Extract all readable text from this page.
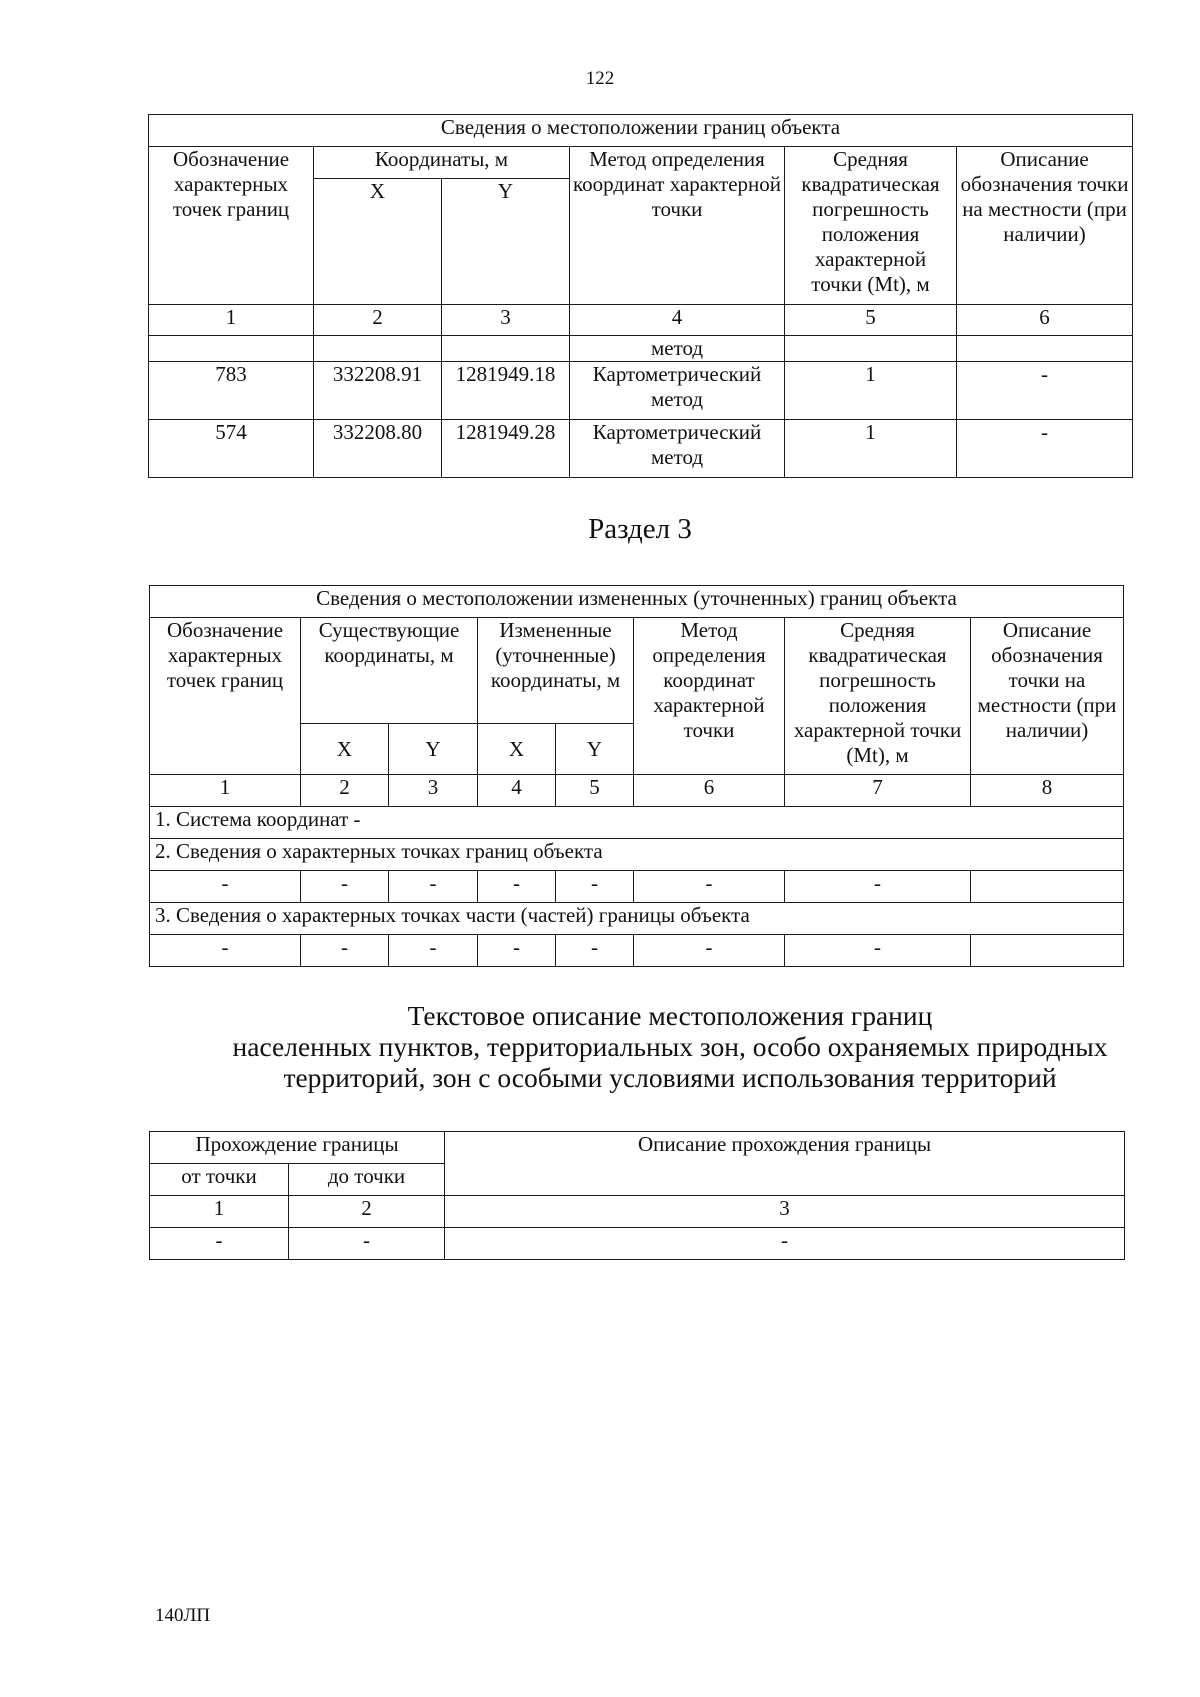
122
Сведения о местоположении границ объекта					
Обозначение характерных точек границ	Координаты, м		Метод определения координат характерной точки	Средняя квадратическая погрешность положения характерной точки (Mt), м	Описание обозначения точки на местности (при наличии)
	X	Y			
1	2	3	4	5	6
			метод		
783	332208.91	1281949.18	Картометрический метод	1	-
574	332208.80	1281949.28	Картометрический метод	1	-
Раздел 3
Сведения о местоположении измененных (уточненных) границ объекта							
Обозначение характерных точек границ	Существующие координаты, м		Измененные (уточненные) координаты, м		Метод определения координат характерной точки	Средняя квадратическая погрешность положения характерной точки (Mt), м	Описание обозначения точки на местности (при наличии)
	X	Y	X	Y			
1	2	3	4	5	6	7	8
1. Система координат -							
2. Сведения о характерных точках границ объекта							
-	-	-	-	-	-	-	
3. Сведения о характерных точках части (частей) границы объекта							
-	-	-	-	-	-	-	
Текстовое описание местоположения границ
населенных пунктов, территориальных зон, особо охраняемых природных
территорий, зон с особыми условиями использования территорий
Прохождение границы		Описание прохождения границы
от точки	до точки	
1	2	3
-	-	-
140ЛП
